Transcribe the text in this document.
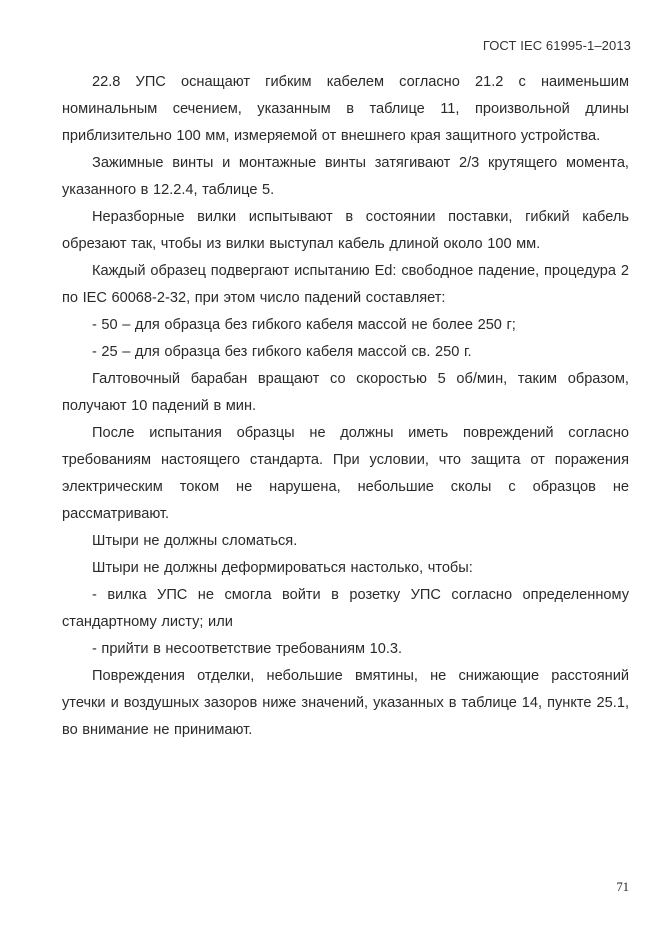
ГОСТ IEC 61995-1–2013

22.8 УПС оснащают гибким кабелем согласно 21.2 с наименьшим номинальным сечением, указанным в таблице 11, произвольной длины приблизительно 100 мм, измеряемой от внешнего края защитного устройства.

Зажимные винты и монтажные винты затягивают 2/3 крутящего момента, указанного в 12.2.4, таблице 5.

Неразборные вилки испытывают в состоянии поставки, гибкий кабель обрезают так, чтобы из вилки выступал кабель длиной около 100 мм.

Каждый образец подвергают испытанию Ed: свободное падение, процедура 2 по IEC 60068-2-32, при этом число падений составляет:

- 50 – для образца без гибкого кабеля массой не более 250 г;

- 25 – для образца без гибкого кабеля массой св. 250 г.

Галтовочный барабан вращают со скоростью 5 об/мин, таким образом, получают 10 падений в мин.

После испытания образцы не должны иметь повреждений согласно требованиям настоящего стандарта. При условии, что защита от поражения электрическим током не нарушена, небольшие сколы с образцов не рассматривают.

Штыри не должны сломаться.

Штыри не должны деформироваться настолько, чтобы:

- вилка УПС не смогла войти в розетку УПС согласно определенному стандартному листу; или

- прийти в несоответствие требованиям 10.3.

Повреждения отделки, небольшие вмятины, не снижающие расстояний утечки и воздушных зазоров ниже значений, указанных в таблице 14, пункте 25.1, во внимание не принимают.

71
